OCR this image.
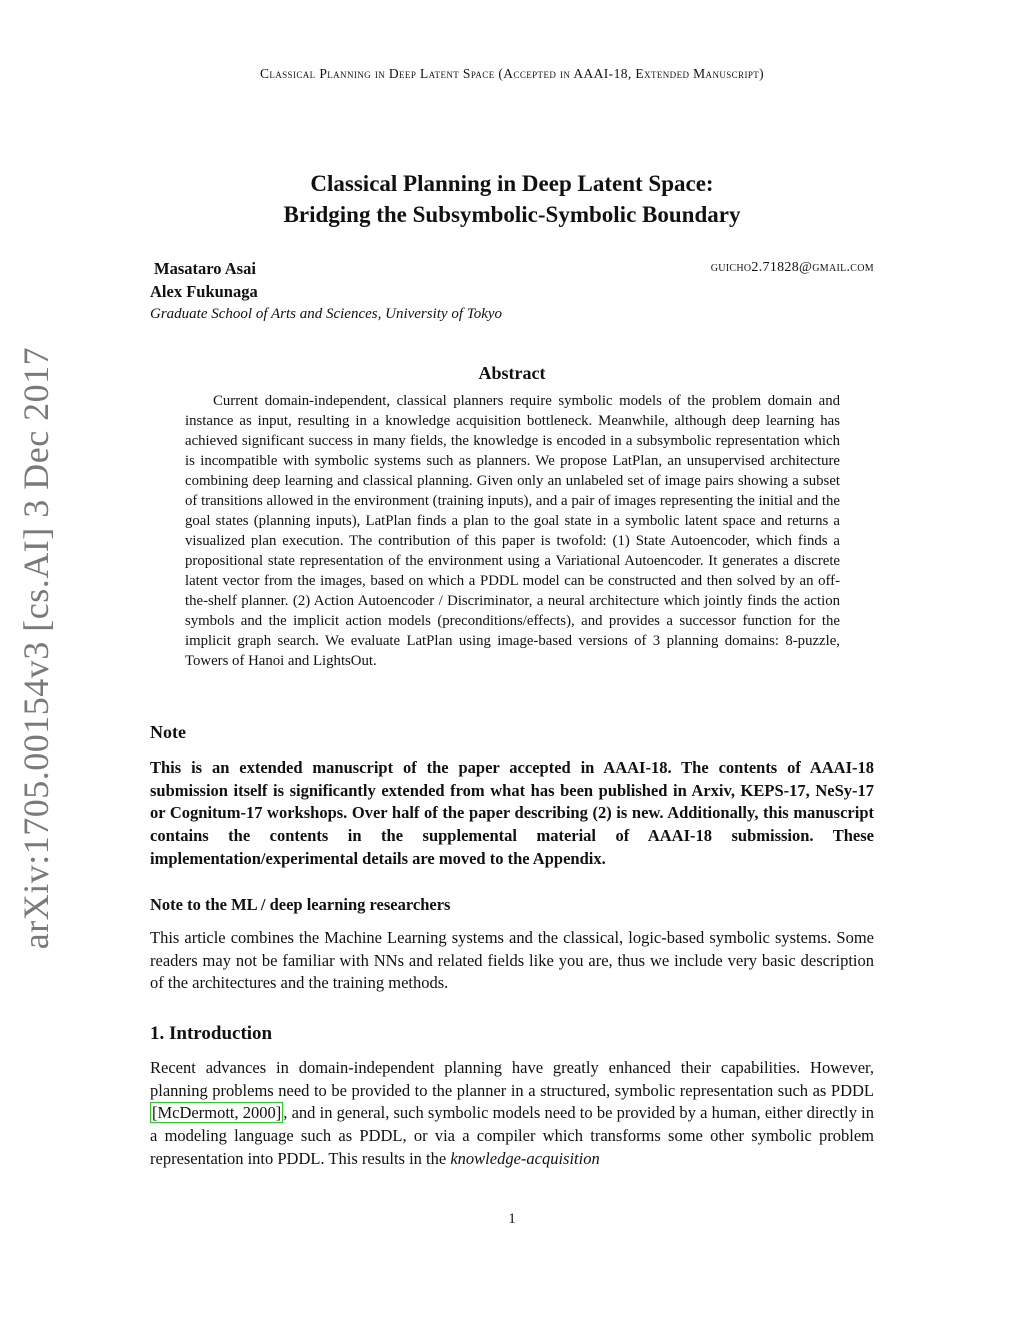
Classical Planning in Deep Latent Space (Accepted in AAAI-18, Extended Manuscript)
arXiv:1705.00154v3 [cs.AI] 3 Dec 2017
Classical Planning in Deep Latent Space:
Bridging the Subsymbolic-Symbolic Boundary
Masataro Asai
Alex Fukunaga
Graduate School of Arts and Sciences, University of Tokyo
guicho2.71828@gmail.com
Abstract
Current domain-independent, classical planners require symbolic models of the problem domain and instance as input, resulting in a knowledge acquisition bottleneck. Meanwhile, although deep learning has achieved significant success in many fields, the knowledge is encoded in a subsymbolic representation which is incompatible with symbolic systems such as planners. We propose LatPlan, an unsupervised architecture combining deep learning and classical planning. Given only an unlabeled set of image pairs showing a subset of transitions allowed in the environment (training inputs), and a pair of images representing the initial and the goal states (planning inputs), LatPlan finds a plan to the goal state in a symbolic latent space and returns a visualized plan execution. The contribution of this paper is twofold: (1) State Autoencoder, which finds a propositional state representation of the environment using a Variational Autoencoder. It generates a discrete latent vector from the images, based on which a PDDL model can be constructed and then solved by an off-the-shelf planner. (2) Action Autoencoder / Discriminator, a neural architecture which jointly finds the action symbols and the implicit action models (preconditions/effects), and provides a successor function for the implicit graph search. We evaluate LatPlan using image-based versions of 3 planning domains: 8-puzzle, Towers of Hanoi and LightsOut.
Note
This is an extended manuscript of the paper accepted in AAAI-18. The contents of AAAI-18 submission itself is significantly extended from what has been published in Arxiv, KEPS-17, NeSy-17 or Cognitum-17 workshops. Over half of the paper describing (2) is new. Additionally, this manuscript contains the contents in the supplemental material of AAAI-18 submission. These implementation/experimental details are moved to the Appendix.
Note to the ML / deep learning researchers
This article combines the Machine Learning systems and the classical, logic-based symbolic systems. Some readers may not be familiar with NNs and related fields like you are, thus we include very basic description of the architectures and the training methods.
1. Introduction
Recent advances in domain-independent planning have greatly enhanced their capabilities. However, planning problems need to be provided to the planner in a structured, symbolic representation such as PDDL [McDermott, 2000] , and in general, such symbolic models need to be provided by a human, either directly in a modeling language such as PDDL, or via a compiler which transforms some other symbolic problem representation into PDDL. This results in the knowledge-acquisition
1
